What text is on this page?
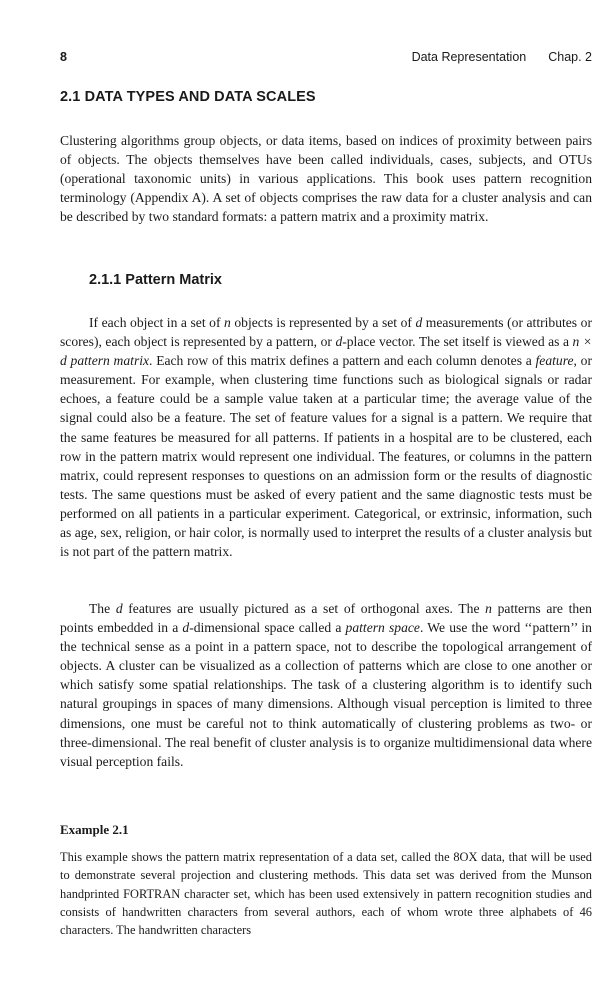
8	Data Representation Chap. 2
2.1 DATA TYPES AND DATA SCALES

Clustering algorithms group objects, or data items, based on indices of proximity between pairs of objects. The objects themselves have been called individuals, cases, subjects, and OTUs (operational taxonomic units) in various applications. This book uses pattern recognition terminology (Appendix A). A set of objects comprises the raw data for a cluster analysis and can be described by two standard formats: a pattern matrix and a proximity matrix.

2.1.1 Pattern Matrix

If each object in a set of n objects is represented by a set of d measurements (or attributes or scores), each object is represented by a pattern, or d-place vector. The set itself is viewed as a n × d pattern matrix. Each row of this matrix defines a pattern and each column denotes a feature, or measurement. For example, when clustering time functions such as biological signals or radar echoes, a feature could be a sample value taken at a particular time; the average value of the signal could also be a feature. The set of feature values for a signal is a pattern. We require that the same features be measured for all patterns. If patients in a hospital are to be clustered, each row in the pattern matrix would represent one individual. The features, or columns in the pattern matrix, could represent responses to questions on an admission form or the results of diagnostic tests. The same questions must be asked of every patient and the same diagnostic tests must be performed on all patients in a particular experiment. Categorical, or extrinsic, information, such as age, sex, religion, or hair color, is normally used to interpret the results of a cluster analysis but is not part of the pattern matrix.

The d features are usually pictured as a set of orthogonal axes. The n patterns are then points embedded in a d-dimensional space called a pattern space. We use the word ‘‘pattern’’ in the technical sense as a point in a pattern space, not to describe the topological arrangement of objects. A cluster can be visualized as a collection of patterns which are close to one another or which satisfy some spatial relationships. The task of a clustering algorithm is to identify such natural groupings in spaces of many dimensions. Although visual perception is limited to three dimensions, one must be careful not to think automatically of clustering problems as two- or three-dimensional. The real benefit of cluster analysis is to organize multidimensional data where visual perception fails.

Example 2.1

This example shows the pattern matrix representation of a data set, called the 8OX data, that will be used to demonstrate several projection and clustering methods. This data set was derived from the Munson handprinted FORTRAN character set, which has been used extensively in pattern recognition studies and consists of handwritten characters from several authors, each of whom wrote three alphabets of 46 characters. The handwritten characters
